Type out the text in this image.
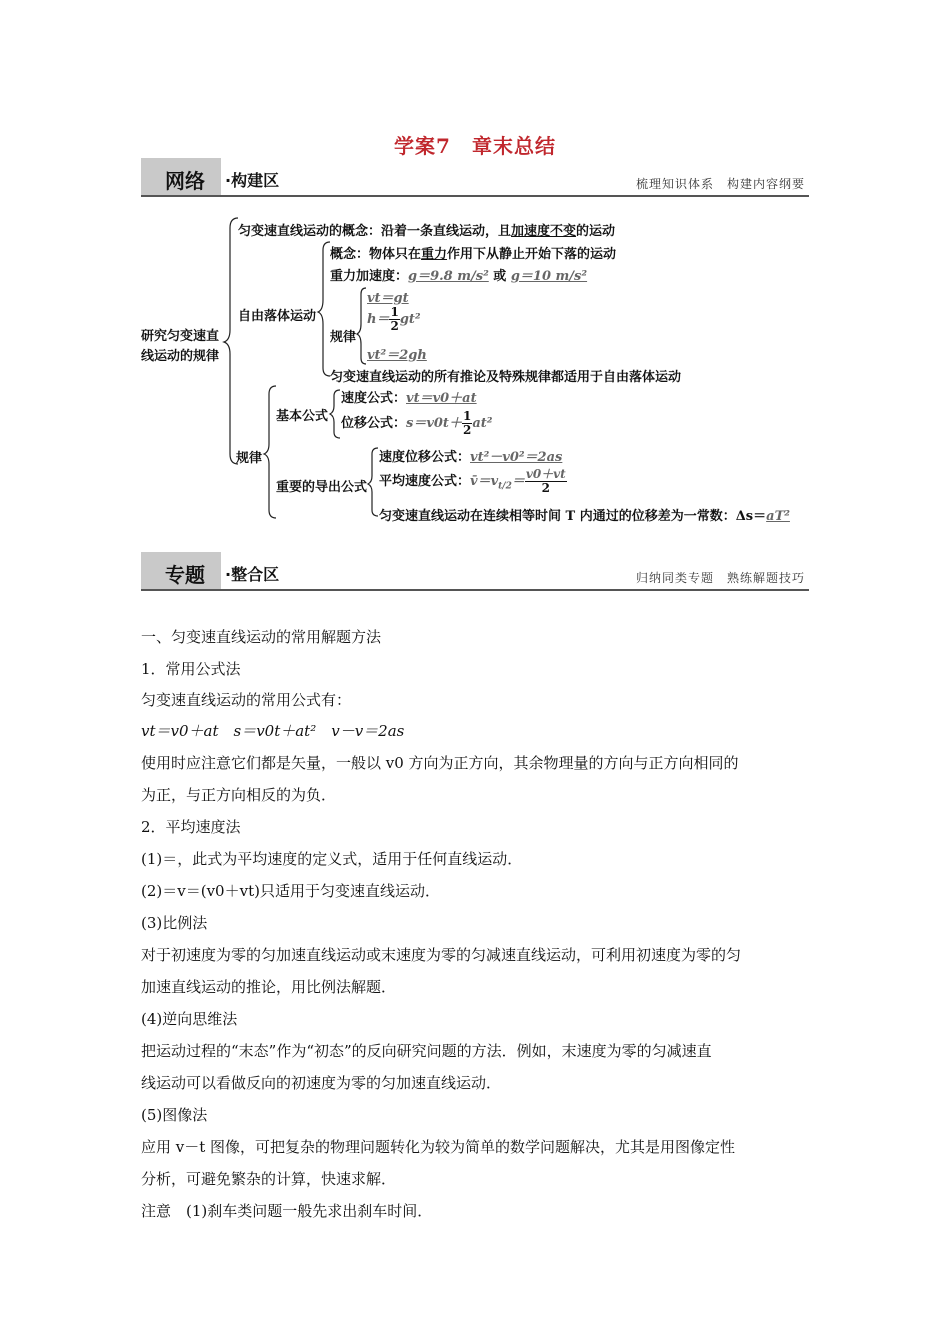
学案7　章末总结
网络 ·构建区	梳理知识体系　构建内容纲要
研究匀变速直
线运动的规律
匀变速直线运动的概念：沿着一条直线运动，且加速度不变的运动
自由落体运动
概念：物体只在重力作用下从静止开始下落的运动
重力加速度：g＝9.8 m/s² 或 g＝10 m/s²
规律
vt＝gt
$h= \frac{1}{2} gt^2$
vt²＝2gh
匀变速直线运动的所有推论及特殊规律都适用于自由落体运动
规律
基本公式
速度公式：vt＝v0＋at
位移公式：$s=v0t+ \frac{1}{2} at^2$
重要的导出公式
速度位移公式：vt²－v0²＝2as
平均速度公式：$v̄=v_{t/2}= \frac{v0+vt}{2}$
匀变速直线运动在连续相等时间 T 内通过的位移差为一常数：Δs＝aT²
专题 ·整合区	归纳同类专题　熟练解题技巧
一、匀变速直线运动的常用解题方法
1．常用公式法
匀变速直线运动的常用公式有：
vt＝v0＋at　s＝v0t＋at²　v－v＝2as
使用时应注意它们都是矢量，一般以 v0 方向为正方向，其余物理量的方向与正方向相同的
为正，与正方向相反的为负．
2．平均速度法
(1)＝，此式为平均速度的定义式，适用于任何直线运动．
(2)＝v＝(v0＋vt)只适用于匀变速直线运动．
(3)比例法
对于初速度为零的匀加速直线运动或末速度为零的匀减速直线运动，可利用初速度为零的匀
加速直线运动的推论，用比例法解题．
(4)逆向思维法
把运动过程的“末态”作为“初态”的反向研究问题的方法．例如，末速度为零的匀减速直
线运动可以看做反向的初速度为零的匀加速直线运动．
(5)图像法
应用 v－t 图像，可把复杂的物理问题转化为较为简单的数学问题解决，尤其是用图像定性
分析，可避免繁杂的计算，快速求解．
注意　(1)刹车类问题一般先求出刹车时间．
